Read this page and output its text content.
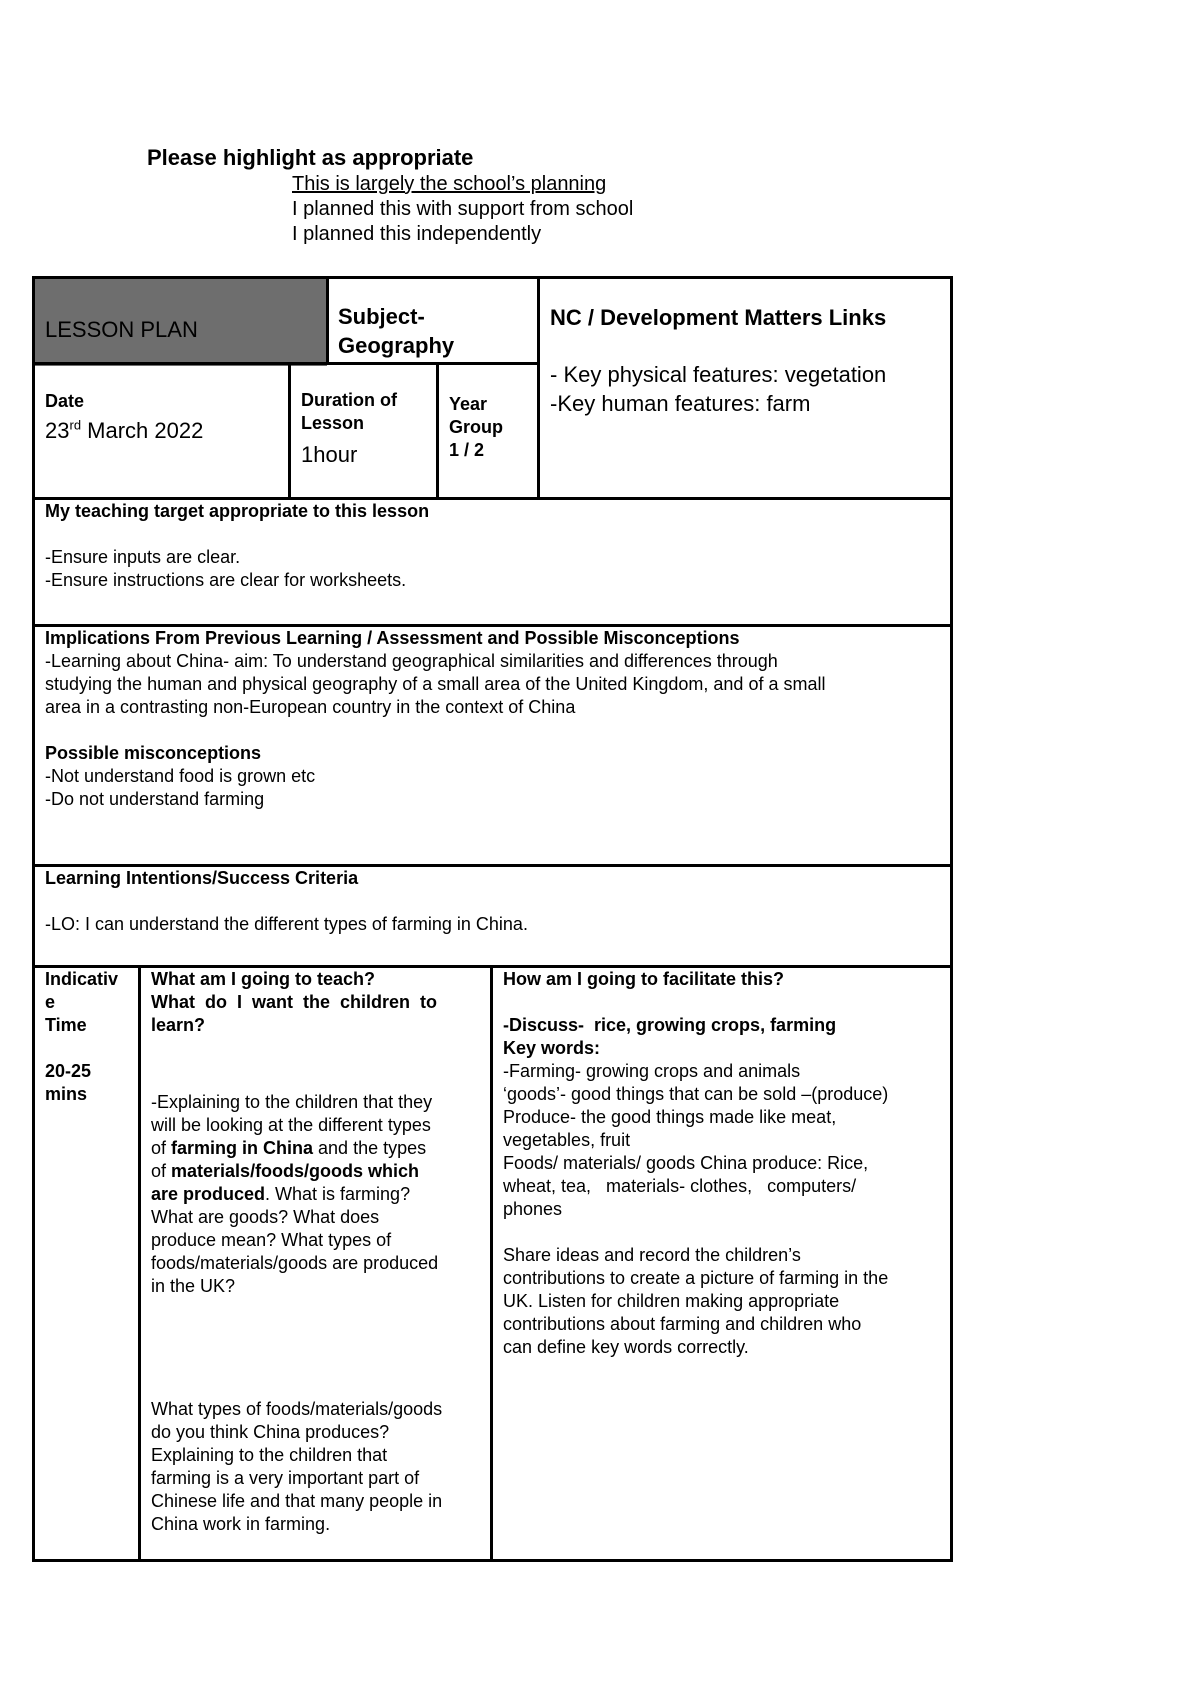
Please highlight as appropriate
This is largely the school’s planning
I planned this with support from school
I planned this independently
LESSON PLAN
Subject-
Geography
NC / Development Matters Links
- Key physical features: vegetation
-Key human features: farm
Date
23rd March 2022
Duration of
Lesson
1hour
Year
Group
1 / 2

My teaching target appropriate to this lesson

-Ensure inputs are clear.

-Ensure instructions are clear for worksheets.

Implications From Previous Learning / Assessment and Possible Misconceptions

-Learning about China- aim: To understand geographical similarities and differences through

studying the human and physical geography of a small area of the United Kingdom, and of a small

area in a contrasting non-European country in the context of China

Possible misconceptions

-Not understand food is grown etc

-Do not understand farming

Learning Intentions/Success Criteria

-LO: I can understand the different types of farming in China.

Indicativ

e

Time

20-25

mins

What am I going to teach?

What  do  I  want  the  children  to

learn?

-Explaining to the children that they

will be looking at the different types

of farming in China and the types

of materials/foods/goods which

are produced. What is farming?

What are goods? What does

produce mean? What types of

foods/materials/goods are produced

in the UK?

What types of foods/materials/goods

do you think China produces?

Explaining to the children that

farming is a very important part of

Chinese life and that many people in

China work in farming.

How am I going to facilitate this?

-Discuss-  rice, growing crops, farming

Key words:

-Farming- growing crops and animals

‘goods’- good things that can be sold –(produce)

Produce- the good things made like meat,

vegetables, fruit

Foods/ materials/ goods China produce: Rice,

wheat, tea,   materials- clothes,   computers/

phones

Share ideas and record the children’s

contributions to create a picture of farming in the

UK. Listen for children making appropriate

contributions about farming and children who

can define key words correctly.
